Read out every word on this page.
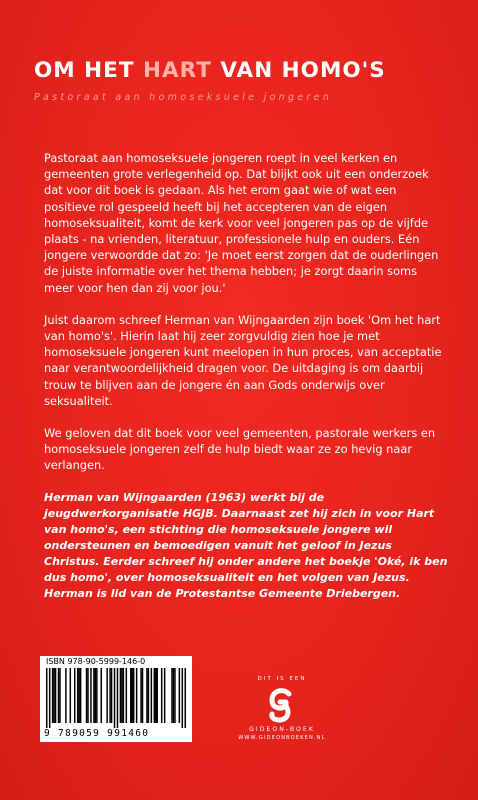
OM HET HART VAN HOMO'S

Pastoraat aan homoseksuele jongeren

Pastoraat aan homoseksuele jongeren roept in veel kerken en gemeenten grote verlegenheid op. Dat blijkt ook uit een onderzoek dat voor dit boek is gedaan. Als het erom gaat wie of wat een positieve rol gespeeld heeft bij het accepteren van de eigen homoseksualiteit, komt de kerk voor veel jongeren pas op de vijfde plaats - na vrienden, literatuur, professionele hulp en ouders. Eén jongere verwoordde dat zo: 'Je moet eerst zorgen dat de ouderlingen de juiste informatie over het thema hebben; je zorgt daarin soms meer voor hen dan zij voor jou.'

Juist daarom schreef Herman van Wijngaarden zijn boek 'Om het hart van homo's'. Hierin laat hij zeer zorgvuldig zien hoe je met homoseksuele jongeren kunt meelopen in hun proces, van acceptatie naar verantwoordelijkheid dragen voor. De uitdaging is om daarbij trouw te blijven aan de jongere én aan Gods onderwijs over seksualiteit.

We geloven dat dit boek voor veel gemeenten, pastorale werkers en homoseksuele jongeren zelf de hulp biedt waar ze zo hevig naar verlangen.

Herman van Wijngaarden (1963) werkt bij de jeugdwerkorganisatie HGJB. Daarnaast zet hij zich in voor Hart van homo's, een stichting die homoseksuele jongere wil ondersteunen en bemoedigen vanuit het geloof in Jezus Christus. Eerder schreef hij onder andere het boekje 'Oké, ik ben dus homo', over homoseksualiteit en het volgen van Jezus. Herman is lid van de Protestantse Gemeente Driebergen.

ISBN 978-90-5999-146-0

9 789059 991460

DIT IS EEN

GIDEON-BOEK

WWW.GIDEONBOEKEN.NL
